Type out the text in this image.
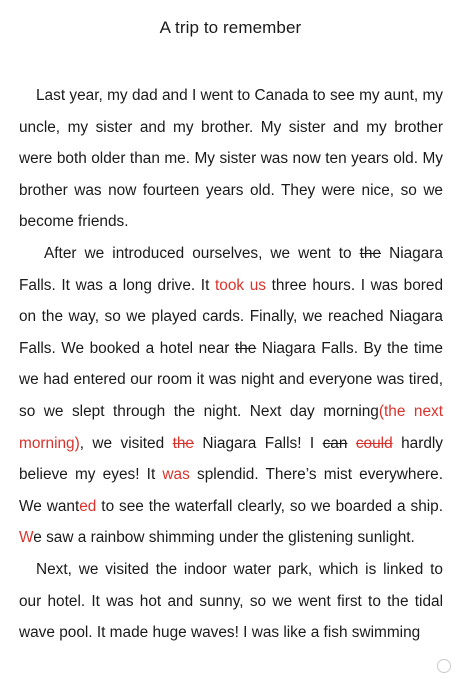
A trip to remember

Last year, my dad and I went to Canada to see my aunt, my uncle, my sister and my brother. My sister and my brother were both older than me. My sister was now ten years old. My brother was now fourteen years old. They were nice, so we become friends.

After we introduced ourselves, we went to the Niagara Falls. It was a long drive. It took us three hours. I was bored on the way, so we played cards. Finally, we reached Niagara Falls. We booked a hotel near the Niagara Falls. By the time we had entered our room it was night and everyone was tired, so we slept through the night. Next day morning(the next morning), we visited the Niagara Falls! I can could hardly believe my eyes! It was splendid. There’s mist everywhere. We wanted to see the waterfall clearly, so we boarded a ship. We saw a rainbow shimming under the glistening sunlight.

Next, we visited the indoor water park, which is linked to our hotel. It was hot and sunny, so we went first to the tidal wave pool. It made huge waves! I was like a fish swimming
